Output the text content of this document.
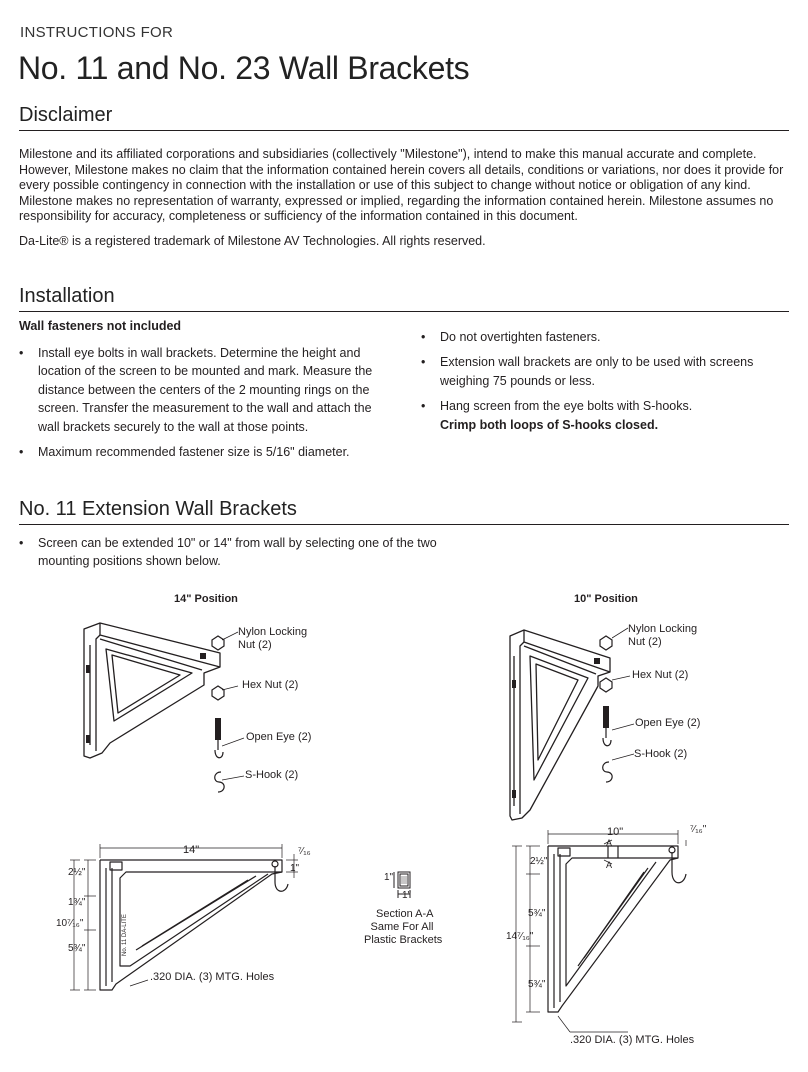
INSTRUCTIONS FOR
No. 11 and No. 23 Wall Brackets
Disclaimer
Milestone and its affiliated corporations and subsidiaries (collectively "Milestone"), intend to make this manual accurate and complete. However, Milestone makes no claim that the information contained herein covers all details, conditions or variations, nor does it provide for every possible contingency in connection with the installation or use of this subject to change without notice or obligation of any kind. Milestone makes no representation of warranty, expressed or implied, regarding the information contained herein. Milestone assumes no responsibility for accuracy, completeness or sufficiency of the information contained in this document.
Da-Lite® is a registered trademark of Milestone AV Technologies. All rights reserved.
Installation
Wall fasteners not included
• Install eye bolts in wall brackets. Determine the height and location of the screen to be mounted and mark. Measure the distance between the centers of the 2 mounting rings on the screen. Transfer the measurement to the wall and attach the wall brackets securely to the wall at those points.
• Maximum recommended fastener size is 5/16" diameter.
• Do not overtighten fasteners.
• Extension wall brackets are only to be used with screens weighing 75 pounds or less.
• Hang screen from the eye bolts with S-hooks.
Crimp both loops of S-hooks closed.
No. 11 Extension Wall Brackets
• Screen can be extended 10" or 14" from wall by selecting one of the two mounting positions shown below.
14" Position	10" Position
Nylon Locking
Nut (2)
Hex Nut (2)
Open Eye (2)
S-Hook (2)
Nylon Locking
Nut (2)
Hex Nut (2)
Open Eye (2)
S-Hook (2)
No. 11 DA-LITE
14"	⁷⁄₁₆
1"
2½"
1¾"
10⁷⁄₁₆"
5¾"
.320 DIA. (3) MTG. Holes
1"
1"
Section A-A
Same For All
Plastic Brackets
10"	⁷⁄₁₆"
A
A
2½"
5¾"
14⁷⁄₁₆"
5¾"
.320 DIA. (3) MTG. Holes
